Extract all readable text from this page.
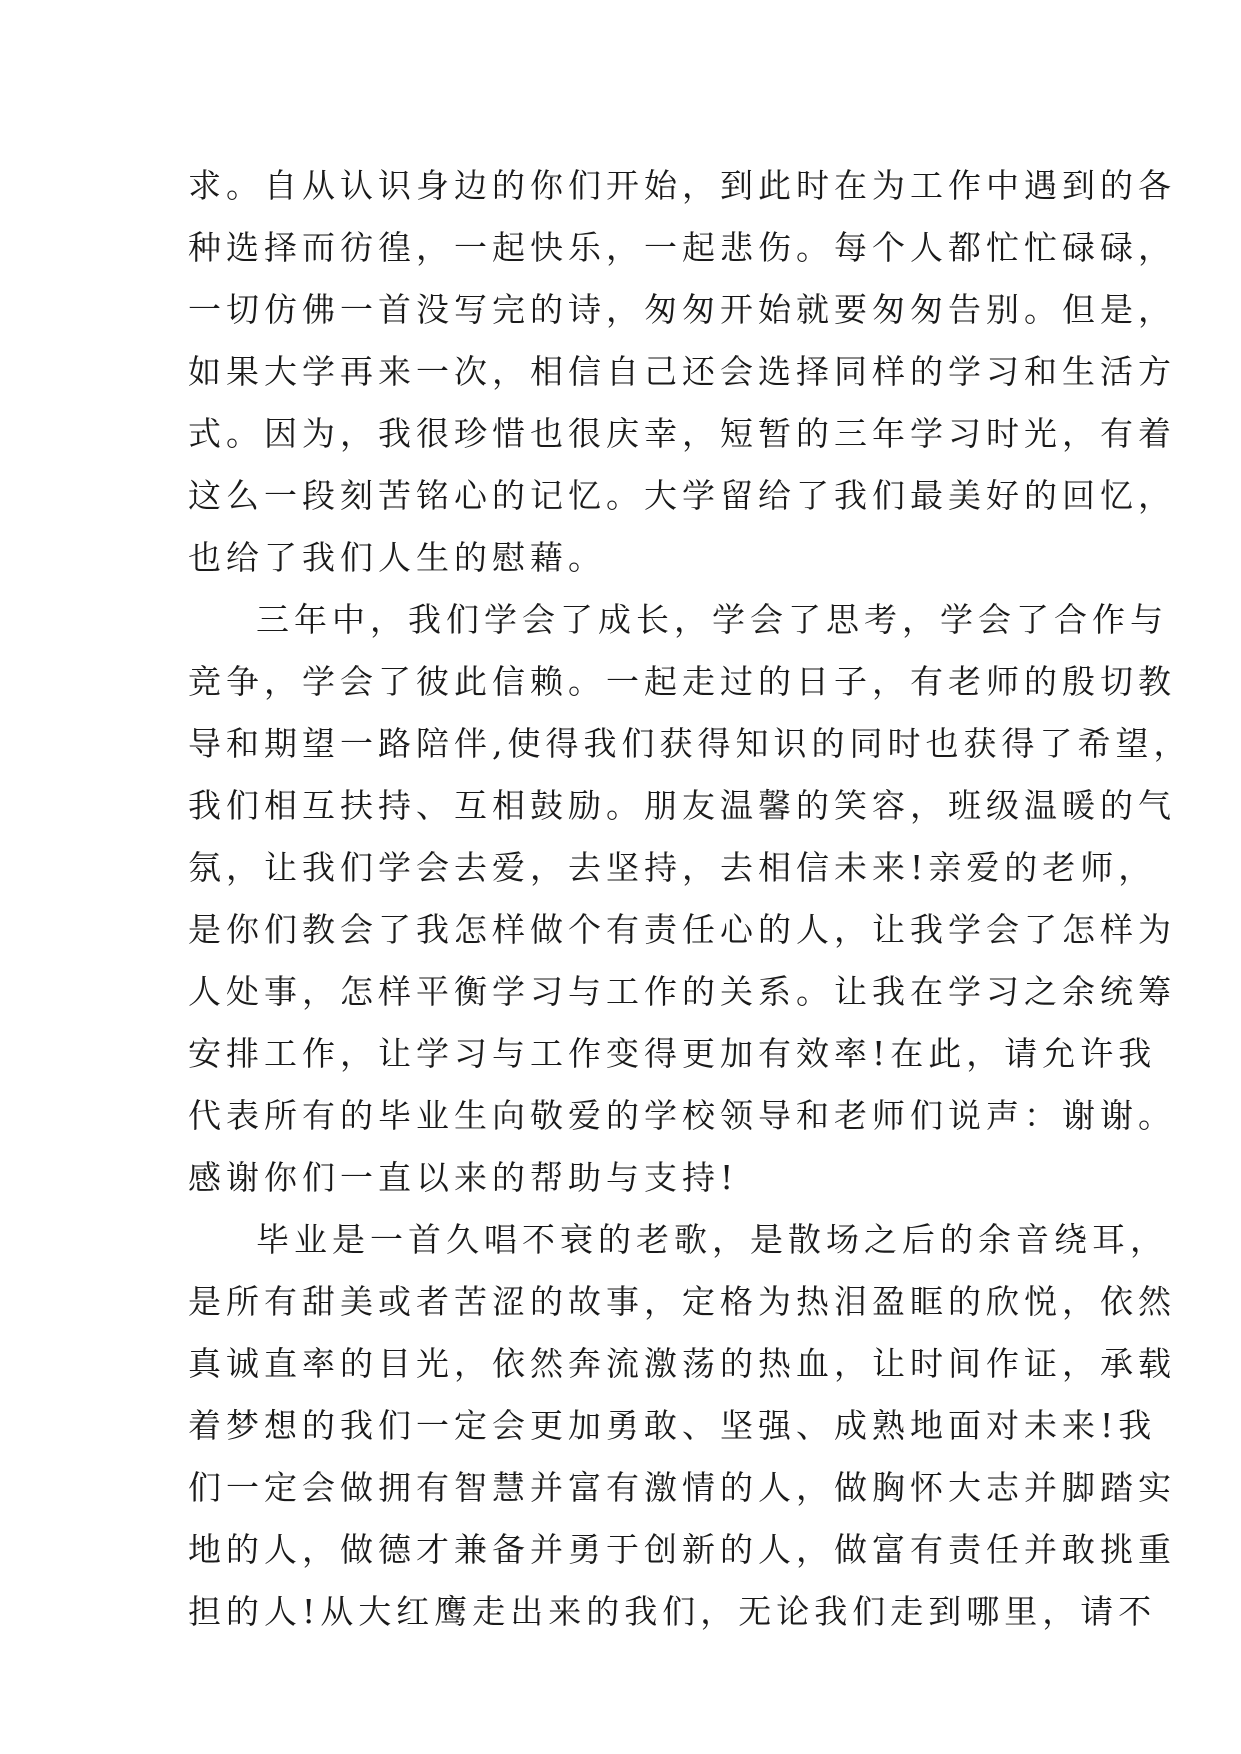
求。自从认识身边的你们开始，到此时在为工作中遇到的各
种选择而彷徨，一起快乐，一起悲伤。每个人都忙忙碌碌，
一切仿佛一首没写完的诗，匆匆开始就要匆匆告别。但是，
如果大学再来一次，相信自己还会选择同样的学习和生活方
式。因为，我很珍惜也很庆幸，短暂的三年学习时光，有着
这么一段刻苦铭心的记忆。大学留给了我们最美好的回忆，
也给了我们人生的慰藉。
三年中，我们学会了成长，学会了思考，学会了合作与
竞争，学会了彼此信赖。一起走过的日子，有老师的殷切教
导和期望一路陪伴,使得我们获得知识的同时也获得了希望，
我们相互扶持、互相鼓励。朋友温馨的笑容，班级温暖的气
氛，让我们学会去爱，去坚持，去相信未来!亲爱的老师，
是你们教会了我怎样做个有责任心的人，让我学会了怎样为
人处事，怎样平衡学习与工作的关系。让我在学习之余统筹
安排工作，让学习与工作变得更加有效率!在此，请允许我
代表所有的毕业生向敬爱的学校领导和老师们说声：谢谢。
感谢你们一直以来的帮助与支持!
毕业是一首久唱不衰的老歌，是散场之后的余音绕耳，
是所有甜美或者苦涩的故事，定格为热泪盈眶的欣悦，依然
真诚直率的目光，依然奔流激荡的热血，让时间作证，承载
着梦想的我们一定会更加勇敢、坚强、成熟地面对未来!我
们一定会做拥有智慧并富有激情的人，做胸怀大志并脚踏实
地的人，做德才兼备并勇于创新的人，做富有责任并敢挑重
担的人!从大红鹰走出来的我们，无论我们走到哪里，请不
